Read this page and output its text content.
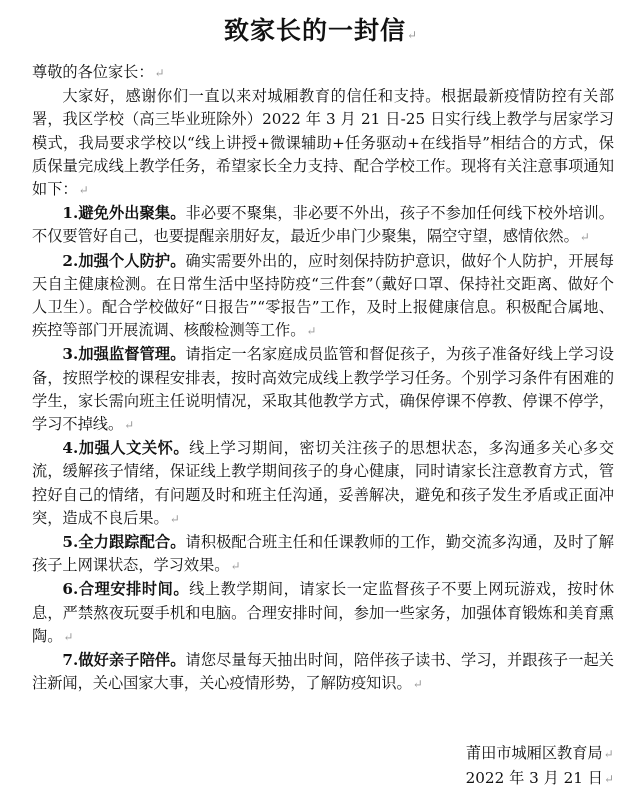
致家长的一封信↵

尊敬的各位家长：↵

大家好，感谢你们一直以来对城厢教育的信任和支持。根据最新疫情防控有关部署，我区学校（高三毕业班除外）2022 年 3 月 21 日-25 日实行线上教学与居家学习模式，我局要求学校以“线上讲授+微课辅助+任务驱动+在线指导”相结合的方式，保质保量完成线上教学任务，希望家长全力支持、配合学校工作。现将有关注意事项通知如下：↵

1.避免外出聚集。非必要不聚集，非必要不外出，孩子不参加任何线下校外培训。不仅要管好自己，也要提醒亲朋好友，最近少串门少聚集，隔空守望，感情依然。↵

2.加强个人防护。确实需要外出的，应时刻保持防护意识，做好个人防护，开展每天自主健康检测。在日常生活中坚持防疫“三件套”（戴好口罩、保持社交距离、做好个人卫生）。配合学校做好“日报告”“零报告”工作，及时上报健康信息。积极配合属地、疾控等部门开展流调、核酸检测等工作。↵

3.加强监督管理。请指定一名家庭成员监管和督促孩子，为孩子准备好线上学习设备，按照学校的课程安排表，按时高效完成线上教学学习任务。个别学习条件有困难的学生，家长需向班主任说明情况，采取其他教学方式，确保停课不停教、停课不停学，学习不掉线。↵

4.加强人文关怀。线上学习期间，密切关注孩子的思想状态，多沟通多关心多交流，缓解孩子情绪，保证线上教学期间孩子的身心健康，同时请家长注意教育方式，管控好自己的情绪，有问题及时和班主任沟通，妥善解决，避免和孩子发生矛盾或正面冲突，造成不良后果。↵

5.全力跟踪配合。请积极配合班主任和任课教师的工作，勤交流多沟通，及时了解孩子上网课状态，学习效果。↵

6.合理安排时间。线上教学期间，请家长一定监督孩子不要上网玩游戏，按时休息，严禁熬夜玩耍手机和电脑。合理安排时间，参加一些家务，加强体育锻炼和美育熏陶。↵

7.做好亲子陪伴。请您尽量每天抽出时间，陪伴孩子读书、学习，并跟孩子一起关注新闻，关心国家大事，关心疫情形势，了解防疫知识。↵

莆田市城厢区教育局↵
2022 年 3 月 21 日↵
